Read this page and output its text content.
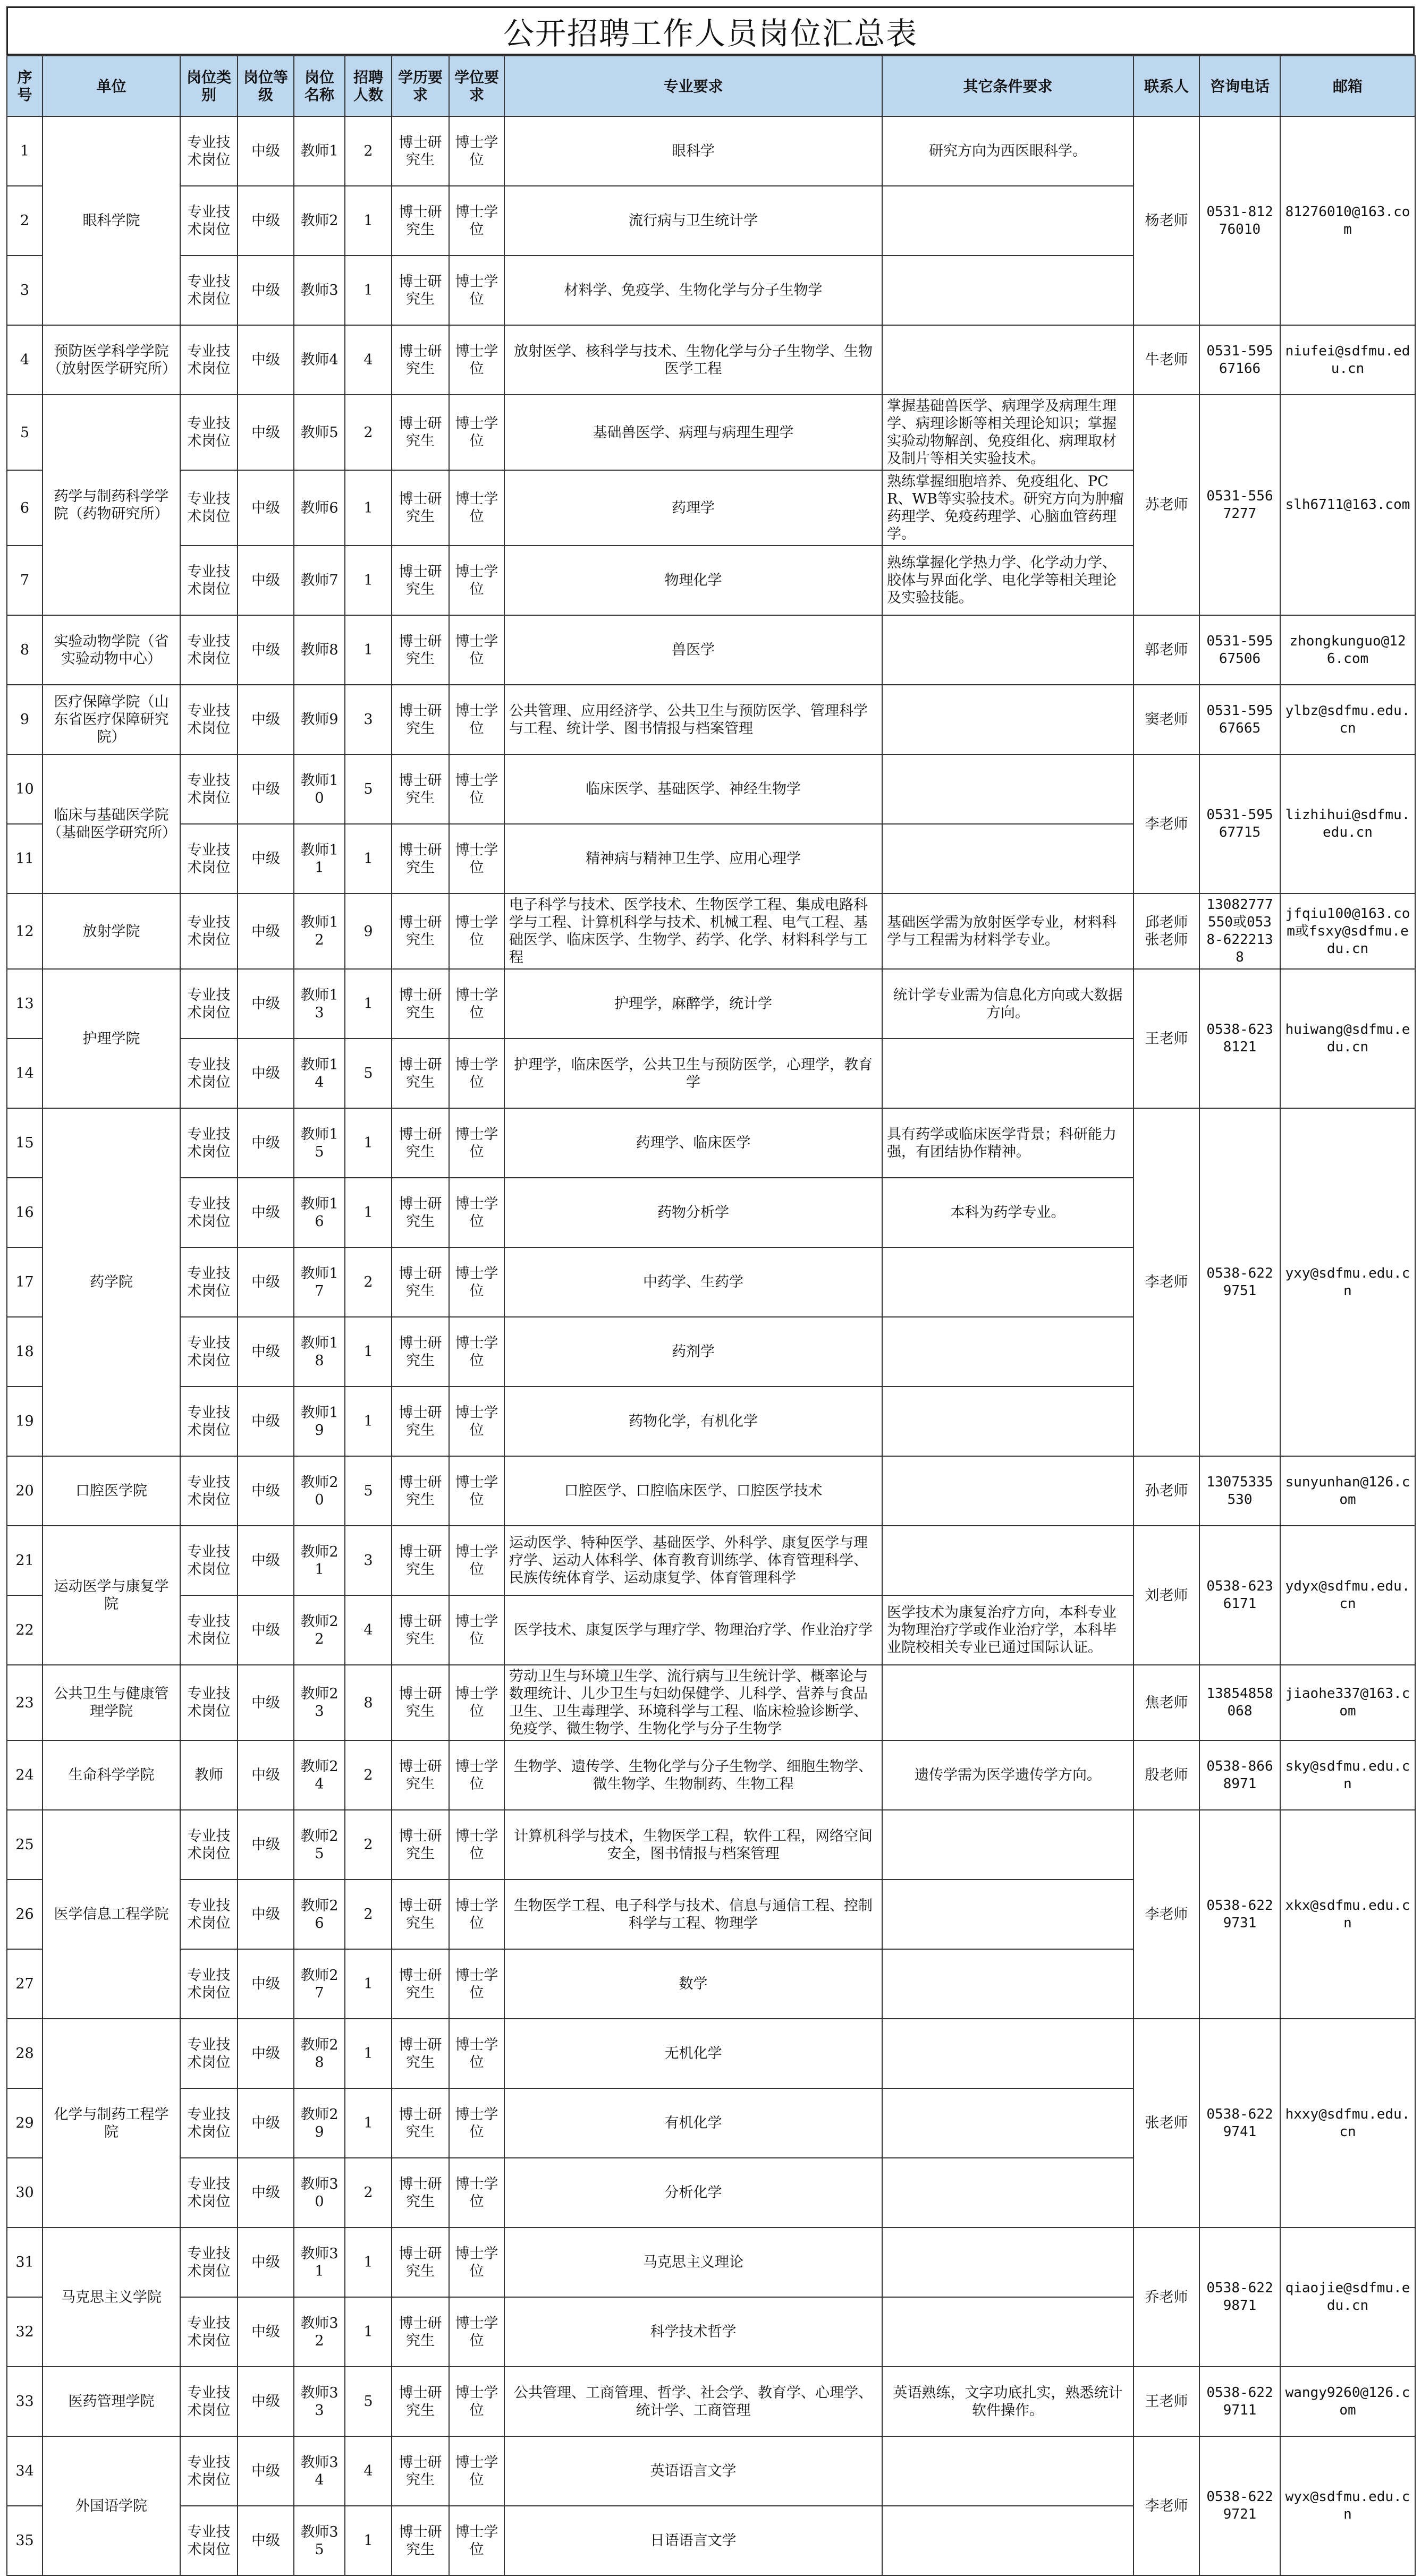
公开招聘工作人员岗位汇总表
序号	单位	岗位类别	岗位等级	岗位名称	招聘人数	学历要求	学位要求	专业要求	其它条件要求	联系人	咨询电话	邮箱
1	眼科学院	专业技术岗位	中级	教师1	2	博士研究生	博士学位	眼科学	研究方向为西医眼科学。	杨老师	0531-81276010	81276010@163.com
2		专业技术岗位	中级	教师2	1	博士研究生	博士学位	流行病与卫生统计学				
3		专业技术岗位	中级	教师3	1	博士研究生	博士学位	材料学、免疫学、生物化学与分子生物学				
4	预防医学科学学院（放射医学研究所）	专业技术岗位	中级	教师4	4	博士研究生	博士学位	放射医学、核科学与技术、生物化学与分子生物学、生物医学工程		牛老师	0531-59567166	niufei@sdfmu.edu.cn
5	药学与制药科学学院（药物研究所）	专业技术岗位	中级	教师5	2	博士研究生	博士学位	基础兽医学、病理与病理生理学	掌握基础兽医学、病理学及病理生理学、病理诊断等相关理论知识；掌握实验动物解剖、免疫组化、病理取材及制片等相关实验技术。	苏老师	0531-5567277	slh6711@163.com
6		专业技术岗位	中级	教师6	1	博士研究生	博士学位	药理学	熟练掌握细胞培养、免疫组化、PCR、WB等实验技术。研究方向为肿瘤药理学、免疫药理学、心脑血管药理学。			
7		专业技术岗位	中级	教师7	1	博士研究生	博士学位	物理化学	熟练掌握化学热力学、化学动力学、胶体与界面化学、电化学等相关理论及实验技能。			
8	实验动物学院（省实验动物中心）	专业技术岗位	中级	教师8	1	博士研究生	博士学位	兽医学		郭老师	0531-59567506	zhongkunguo@126.com
9	医疗保障学院（山东省医疗保障研究院）	专业技术岗位	中级	教师9	3	博士研究生	博士学位	公共管理、应用经济学、公共卫生与预防医学、管理科学与工程、统计学、图书情报与档案管理		窦老师	0531-59567665	ylbz@sdfmu.edu.cn
10	临床与基础医学院（基础医学研究所）	专业技术岗位	中级	教师10	5	博士研究生	博士学位	临床医学、基础医学、神经生物学		李老师	0531-59567715	lizhihui@sdfmu.edu.cn
11		专业技术岗位	中级	教师11	1	博士研究生	博士学位	精神病与精神卫生学、应用心理学				
12	放射学院	专业技术岗位	中级	教师12	9	博士研究生	博士学位	电子科学与技术、医学技术、生物医学工程、集成电路科学与工程、计算机科学与技术、机械工程、电气工程、基础医学、临床医学、生物学、药学、化学、材料科学与工程	基础医学需为放射医学专业，材料科学与工程需为材料学专业。	邱老师 张老师	13082777550或0538-6222138	jfqiu100@163.com或fsxy@sdfmu.edu.cn
13	护理学院	专业技术岗位	中级	教师13	1	博士研究生	博士学位	护理学，麻醉学，统计学	统计学专业需为信息化方向或大数据方向。	王老师	0538-6238121	huiwang@sdfmu.edu.cn
14		专业技术岗位	中级	教师14	5	博士研究生	博士学位	护理学，临床医学，公共卫生与预防医学，心理学，教育学				
15	药学院	专业技术岗位	中级	教师15	1	博士研究生	博士学位	药理学、临床医学	具有药学或临床医学背景；科研能力强，有团结协作精神。	李老师	0538-6229751	yxy@sdfmu.edu.cn
16		专业技术岗位	中级	教师16	1	博士研究生	博士学位	药物分析学	本科为药学专业。			
17		专业技术岗位	中级	教师17	2	博士研究生	博士学位	中药学、生药学				
18		专业技术岗位	中级	教师18	1	博士研究生	博士学位	药剂学				
19		专业技术岗位	中级	教师19	1	博士研究生	博士学位	药物化学，有机化学				
20	口腔医学院	专业技术岗位	中级	教师20	5	博士研究生	博士学位	口腔医学、口腔临床医学、口腔医学技术		孙老师	13075335530	sunyunhan@126.com
21	运动医学与康复学院	专业技术岗位	中级	教师21	3	博士研究生	博士学位	运动医学、特种医学、基础医学、外科学、康复医学与理疗学、运动人体科学、体育教育训练学、体育管理科学、民族传统体育学、运动康复学、体育管理科学		刘老师	0538-6236171	ydyx@sdfmu.edu.cn
22		专业技术岗位	中级	教师22	4	博士研究生	博士学位	医学技术、康复医学与理疗学、物理治疗学、作业治疗学	医学技术为康复治疗方向，本科专业为物理治疗学或作业治疗学，本科毕业院校相关专业已通过国际认证。			
23	公共卫生与健康管理学院	专业技术岗位	中级	教师23	8	博士研究生	博士学位	劳动卫生与环境卫生学、流行病与卫生统计学、概率论与数理统计、儿少卫生与妇幼保健学、儿科学、营养与食品卫生、卫生毒理学、环境科学与工程、临床检验诊断学、免疫学、微生物学、生物化学与分子生物学		焦老师	13854858068	jiaohe337@163.com
24	生命科学学院	教师	中级	教师24	2	博士研究生	博士学位	生物学、遗传学、生物化学与分子生物学、细胞生物学、微生物学、生物制药、生物工程	遗传学需为医学遗传学方向。	殷老师	0538-8668971	sky@sdfmu.edu.cn
25	医学信息工程学院	专业技术岗位	中级	教师25	2	博士研究生	博士学位	计算机科学与技术，生物医学工程，软件工程，网络空间安全，图书情报与档案管理		李老师	0538-6229731	xkx@sdfmu.edu.cn
26		专业技术岗位	中级	教师26	2	博士研究生	博士学位	生物医学工程、电子科学与技术、信息与通信工程、控制科学与工程、物理学				
27		专业技术岗位	中级	教师27	1	博士研究生	博士学位	数学				
28	化学与制药工程学院	专业技术岗位	中级	教师28	1	博士研究生	博士学位	无机化学		张老师	0538-6229741	hxxy@sdfmu.edu.cn
29		专业技术岗位	中级	教师29	1	博士研究生	博士学位	有机化学				
30		专业技术岗位	中级	教师30	2	博士研究生	博士学位	分析化学				
31	马克思主义学院	专业技术岗位	中级	教师31	1	博士研究生	博士学位	马克思主义理论		乔老师	0538-6229871	qiaojie@sdfmu.edu.cn
32		专业技术岗位	中级	教师32	1	博士研究生	博士学位	科学技术哲学				
33	医药管理学院	专业技术岗位	中级	教师33	5	博士研究生	博士学位	公共管理、工商管理、哲学、社会学、教育学、心理学、统计学、工商管理	英语熟练，文字功底扎实，熟悉统计软件操作。	王老师	0538-6229711	wangy9260@126.com
34	外国语学院	专业技术岗位	中级	教师34	4	博士研究生	博士学位	英语语言文学		李老师	0538-6229721	wyx@sdfmu.edu.cn
35		专业技术岗位	中级	教师35	1	博士研究生	博士学位	日语语言文学				
